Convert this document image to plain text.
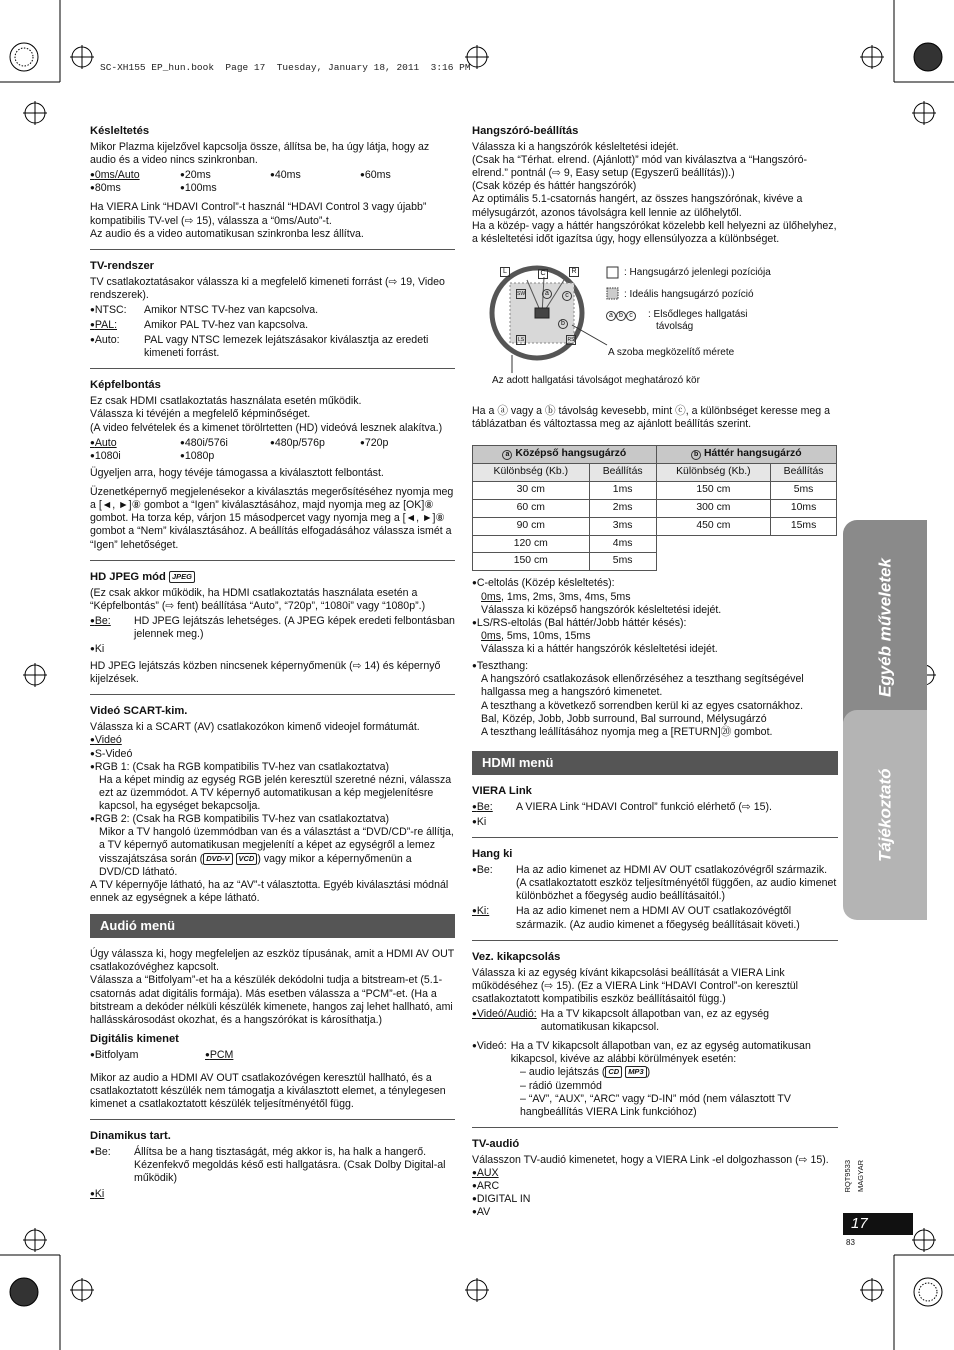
SC-XH155 EP_hun.book  Page 17  Tuesday, January 18, 2011  3:16 PM
Késleltetés

Mikor Plazma kijelzővel kapcsolja össze, állítsa be, ha úgy látja, hogy az audio és a video nincs szinkronban.

● 0ms/Auto	● 20ms	● 40ms	● 60ms
● 80ms	● 100ms

Ha VIERA Link “HDAVI Control”-t használ “HDAVI Control 3 vagy újabb” kompatibilis TV-vel (⇨ 15), válassza a “0ms/Auto”-t.

Az audio és a video automatikusan szinkronba lesz állítva.

TV-rendszer

TV csatlakoztatásakor válassza ki a megfelelő kimeneti forrást (⇨ 19, Video rendszerek).

● NTSC:	Amikor NTSC TV-hez van kapcsolva.
● PAL:	Amikor PAL TV-hez van kapcsolva.
● Auto:	PAL vagy NTSC lemezek lejátszásakor kiválasztja az eredeti kimeneti forrást.
Képfelbontás

Ez csak HDMI csatlakoztatás használata esetén működik.

Válassza ki tévéjén a megfelelő képminőséget.

(A video felvételek és a kimenet törölrtetten (HD) videóvá lesznek alakítva.)

● Auto	● 480i/576i	● 480p/576p	● 720p
● 1080i	● 1080p

Ügyeljen arra, hogy tévéje támogassa a kiválasztott felbontást.

Üzenetképernyő megjelenésekor a kiválasztás megerősítéséhez nyomja meg a [◄, ►]⑧ gombot a “Igen” kiválasztásához, majd nyomja meg az [OK]⑧ gombot. Ha torza kép, várjon 15 másodpercet vagy nyomja meg a [◄, ►]⑧ gombot a “Nem” kiválasztásához. A beállítás elfogadásához válassza ismét a “Igen” lehetőséget.

HD JPEG mód JPEG

(Ez csak akkor működik, ha HDMI csatlakoztatás használata esetén a “Képfelbontás” (⇨ fent) beállítása “Auto”, “720p”, “1080i” vagy “1080p”.)

● Be:	HD JPEG lejátszás lehetséges. (A JPEG képek eredeti felbontásban jelennek meg.)
● Ki

HD JPEG lejátszás közben nincsenek képernyőmenük (⇨ 14) és képernyő kijelzések.

Videó SCART-kim.

Válassza ki a SCART (AV) csatlakozókon kimenő videojel formátumát.

● Videó

● S-Videó

● RGB 1: (Csak ha RGB kompatibilis TV-hez van csatlakoztatva)

Ha a képet mindig az egység RGB jelén keresztül szeretné nézni, válassza ezt az üzemmódot. A TV képernyő automatikusan a kép megjelenítésre kapcsol, ha egységet bekapcsolja.

● RGB 2: (Csak ha RGB kompatibilis TV-hez van csatlakoztatva)

Mikor a TV hangoló üzemmódban van és a választást a “DVD/CD”-re állítja, a TV képernyő automatikusan megjelenítí a képet az egységről a lemez visszajátszása során ( DVD-V VCD ) vagy mikor a képernyőmenün a DVD/CD látható.

A TV képernyője látható, ha az “AV”-t választotta. Egyéb kiválasztási módnál ennek az egységnek a képe látható.

Audió menü

Úgy válassza ki, hogy megfeleljen az eszköz típusának, amit a HDMI AV OUT csatlakozóvéghez kapcsolt.

Válassza a “Bitfolyam”-et ha a készülék dekódolni tudja a bitstream-et (5.1-csatornás adat digitális formája). Más esetben válassza a “PCM”-et. (Ha a bitstream a dekóder nélküli készülék kimenete, hangos zaj lehet hallható, ami hallásskárosodást okozhat, és a hangszórókat is károsíthatja.)

Digitális kimenet
● Bitfolyam	● PCM

Mikor az audio a HDMI AV OUT csatlakozóvégen keresztül hallható, és a csatlakoztatott készülék nem támogatja a kiválasztott elemet, a ténylegesen kimenet a csatlakoztatott készülék teljesítményétől függ.

Dinamikus tart.
● Be:	Állítsa be a hang tisztaságát, még akkor is, ha halk a hangerő. Kézenfekvő megoldás késő esti hallgatásra. (Csak Dolby Digital-al működik)
● Ki
Hangszóró-beállítás

Válassza ki a hangszórók késleltetési idejét.

(Csak ha “Térhat. elrend. (Ajánlott)” mód van kiválasztva a “Hangszóró-elrend.” pontnál (⇨ 9, Easy setup (Egyszerű beállítás)).)

(Csak közép és háttér hangszórók)

Az optimális 5.1-csatornás hangért, az összes hangszórónak, kivéve a mélysugárzót, azonos távolságra kell lennie az ülőhelytől.

Ha a közép- vagy a háttér hangszórókat közelebb kell helyezni az ülőhelyhez, a késleltetési időt igazítsa úgy, hogy ellensúlyozza a különbséget.

L	C	R
SW
LS	RS
a
b
c
: Hangsugárzó jelenlegi pozíciója
: Ideális hangsugárzó pozíció
a b c	: Elsődleges hallgatási
távolság
A szoba megközelítő mérete
Az adott hallgatási távolságot meghatározó kör

Ha a ⓐ vagy a ⓑ távolság kevesebb, mint ⓒ, a különbséget keresse meg a táblázatban és változtassa meg az ajánlott beállítás szerint.

a Középső hangsugárzó		b Háttér hangsugárzó	
Különbség (Kb.)	Beállítás	Különbség (Kb.)	Beállítás
30 cm	1ms	150 cm	5ms
60 cm	2ms	300 cm	10ms
90 cm	3ms	450 cm	15ms
120 cm	4ms		
150 cm	5ms		

● C-eltolás (Közép késleltetés):

0ms, 1ms, 2ms, 3ms, 4ms, 5ms

Válassza ki középső hangszórók késleltetési idejét.

● LS/RS-eltolás (Bal háttér/Jobb háttér késés):

0ms, 5ms, 10ms, 15ms

Válassza ki a háttér hangszórók késleltetési idejét.

● Teszthang:

A hangszóró csatlakozások ellenőrzéséhez a teszthang segítségével hallgassa meg a hangszóró kimenetet.

A teszthang a következő sorrendben kerül ki az egyes csatornákhoz.

Bal, Közép, Jobb, Jobb surround, Bal surround, Mélysugárzó

A teszthang leállításához nyomja meg a [RETURN]⑳ gombot.

HDMI menü
VIERA Link
● Be:	A VIERA Link “HDAVI Control” funkció elérhető (⇨ 15).
● Ki
Hang ki
● Be:	Ha az adio kimenet az HDMI AV OUT csatlakozóvégről származik. (A csatlakoztatott eszköz teljesítményétől függően, az audio kimenet különbözhet a főegység audio beállításaitól.)
● Ki:	Ha az adio kimenet nem a HDMI AV OUT csatlakozóvégtől származik. (Az audio kimenet a főegység beállításait követi.)
Vez. kikapcsolás

Válassza ki az egység kívánt kikapcsolási beállítását a VIERA Link működéséhez (⇨ 15). (Ez a VIERA Link “HDAVI Control”-on keresztül csatlakoztatott kompatibilis eszköz beállításaitól függ.)

● Videó/Audió: Ha a TV kikapcsolt állapotban van, ez az egység automatikusan kikapcsol.
● Videó: Ha a TV kikapcsolt állapotban van, ez az egység automatikusan kikapcsol, kivéve az alábbi körülmények esetén:

– audio lejátszás ( CD MP3 )

– rádió üzemmód

– “AV”, “AUX”, “ARC” vagy “D-IN” mód (nem választott TV hangbeállítás VIERA Link funkcióhoz)

TV-audió

Válasszon TV-audió kimenetet, hogy a VIERA Link -el dolgozhasson (⇨ 15).

● AUX

● ARC

● DIGITAL IN

● AV

Egyéb műveletek
Tájékoztató
RQT9533 MAGYAR
17
83
